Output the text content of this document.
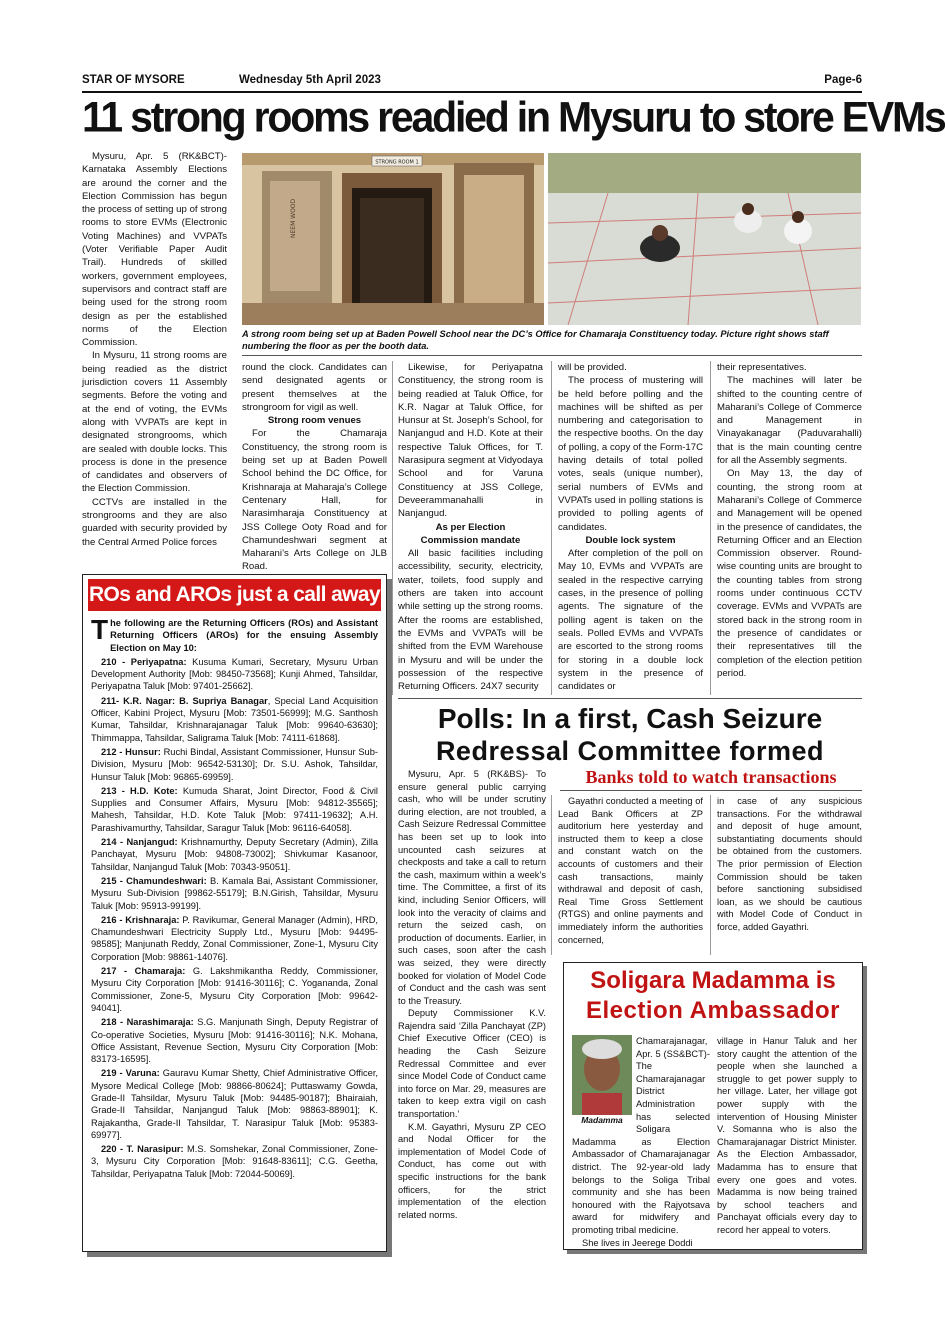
STAR OF MYSORE	Wednesday 5th April 2023	Page-6
11 strong rooms readied in Mysuru to store EVMs

Mysuru, Apr. 5 (RK&BCT)- Karnataka Assembly Elections are around the corner and the Election Commission has begun the process of setting up of strong rooms to store EVMs (Electronic Voting Machines) and VVPATs (Voter Verifiable Paper Audit Trail). Hundreds of skilled workers, government employees, supervisors and contract staff are being used for the strong room design as per the established norms of the Election Commission.

In Mysuru, 11 strong rooms are being readied as the district jurisdiction covers 11 Assembly segments. Before the voting and at the end of voting, the EVMs along with VVPATs are kept in designated strongrooms, which are sealed with double locks. This process is done in the presence of candidates and observers of the Election Commission.

CCTVs are installed in the strongrooms and they are also guarded with security provided by the Central Armed Police forces

NEEM WOOD
STRONG ROOM 1
A strong room being set up at Baden Powell School near the DC’s Office for Chamaraja Constituency today. Picture right shows staff numbering the floor as per the booth data.

round the clock. Candidates can send designated agents or present themselves at the strongroom for vigil as well.

Strong room venues

For the Chamaraja Constituency, the strong room is being set up at Baden Powell School behind the DC Office, for Krishnaraja at Maharaja’s College Centenary Hall, for Narasimharaja Constituency at JSS College Ooty Road and for Chamundeshwari segment at Maharani’s Arts College on JLB Road.

Likewise, for Periyapatna Constituency, the strong room is being readied at Taluk Office, for K.R. Nagar at Taluk Office, for Hunsur at St. Joseph’s School, for Nanjangud and H.D. Kote at their respective Taluk Offices, for T. Narasipura segment at Vidyodaya School and for Varuna Constituency at JSS College, Deveerammanahalli in Nanjangud.

As per Election

Commission mandate

All basic facilities including accessibility, security, electricity, water, toilets, food supply and others are taken into account while setting up the strong rooms. After the rooms are established, the EVMs and VVPATs will be shifted from the EVM Warehouse in Mysuru and will be under the possession of the respective Returning Officers. 24X7 security

will be provided.

The process of mustering will be held before polling and the machines will be shifted as per numbering and categorisation to the respective booths. On the day of polling, a copy of the Form-17C having details of total polled votes, seals (unique number), serial numbers of EVMs and VVPATs used in polling stations is provided to polling agents of candidates.

Double lock system

After completion of the poll on May 10, EVMs and VVPATs are sealed in the respective carrying cases, in the presence of polling agents. The signature of the polling agent is taken on the seals. Polled EVMs and VVPATs are escorted to the strong rooms for storing in a double lock system in the presence of candidates or

their representatives.

The machines will later be shifted to the counting centre of Maharani’s College of Commerce and Management in Vinayakanagar (Paduvarahalli) that is the main counting centre for all the Assembly segments.

On May 13, the day of counting, the strong room at Maharani’s College of Commerce and Management will be opened in the presence of candidates, the Returning Officer and an Election Commission observer. Round-wise counting units are brought to the counting tables from strong rooms under continuous CCTV coverage. EVMs and VVPATs are stored back in the strong room in the presence of candidates or their representatives till the completion of the election petition period.

ROs and AROs just a call away

The following are the Returning Officers (ROs) and Assistant Returning Officers (AROs) for the ensuing Assembly Election on May 10:

210 - Periyapatna: Kusuma Kumari, Secretary, Mysuru Urban Development Authority [Mob: 98450-73568]; Kunji Ahmed, Tahsildar, Periyapatna Taluk [Mob: 97401-25662].

211- K.R. Nagar: B. Supriya Banagar, Special Land Acquisition Officer, Kabini Project, Mysuru [Mob: 73501-56999]; M.G. Santhosh Kumar, Tahsildar, Krishnarajanagar Taluk [Mob: 99640-63630]; Thimmappa, Tahsildar, Saligrama Taluk [Mob: 74111-61868].

212 - Hunsur: Ruchi Bindal, Assistant Commissioner, Hunsur Sub-Division, Mysuru [Mob: 96542-53130]; Dr. S.U. Ashok, Tahsildar, Hunsur Taluk [Mob: 96865-69959].

213 - H.D. Kote: Kumuda Sharat, Joint Director, Food & Civil Supplies and Consumer Affairs, Mysuru [Mob: 94812-35565]; Mahesh, Tahsildar, H.D. Kote Taluk [Mob: 97411-19632]; A.H. Parashivamurthy, Tahsildar, Saragur Taluk [Mob: 96116-64058].

214 - Nanjangud: Krishnamurthy, Deputy Secretary (Admin), Zilla Panchayat, Mysuru [Mob: 94808-73002]; Shivkumar Kasanoor, Tahsildar, Nanjangud Taluk [Mob: 70343-95051].

215 - Chamundeshwari: B. Kamala Bai, Assistant Commissioner, Mysuru Sub-Division [99862-55179]; B.N.Girish, Tahsildar, Mysuru Taluk [Mob: 95913-99199].

216 - Krishnaraja: P. Ravikumar, General Manager (Admin), HRD, Chamundeshwari Electricity Supply Ltd., Mysuru [Mob: 94495-98585]; Manjunath Reddy, Zonal Commissioner, Zone-1, Mysuru City Corporation [Mob: 98861-14076].

217 - Chamaraja: G. Lakshmikantha Reddy, Commissioner, Mysuru City Corporation [Mob: 91416-30116]; C. Yogananda, Zonal Commissioner, Zone-5, Mysuru City Corporation [Mob: 99642-94041].

218 - Narashimaraja: S.G. Manjunath Singh, Deputy Registrar of Co-operative Societies, Mysuru [Mob: 91416-30116]; N.K. Mohana, Office Assistant, Revenue Section, Mysuru City Corporation [Mob: 83173-16595].

219 - Varuna: Gauravu Kumar Shetty, Chief Administrative Officer, Mysore Medical College [Mob: 98866-80624]; Puttaswamy Gowda, Grade-II Tahsildar, Mysuru Taluk [Mob: 94485-90187]; Bhairaiah, Grade-II Tahsildar, Nanjangud Taluk [Mob: 98863-88901]; K. Rajakantha, Grade-II Tahsildar, T. Narasipur Taluk [Mob: 95383-69977].

220 - T. Narasipur: M.S. Somshekar, Zonal Commissioner, Zone-3, Mysuru City Corporation [Mob: 91648-83611]; C.G. Geetha, Tahsildar, Periyapatna Taluk [Mob: 72044-50069].

Polls: In a first, Cash Seizure
Redressal Committee formed
Banks told to watch transactions

Mysuru, Apr. 5 (RK&BS)- To ensure general public carrying cash, who will be under scrutiny during election, are not troubled, a Cash Seizure Redressal Committee has been set up to look into uncounted cash seizures at checkposts and take a call to return the cash, maximum within a week’s time. The Committee, a first of its kind, including Senior Officers, will look into the veracity of claims and return the seized cash, on production of documents. Earlier, in such cases, soon after the cash was seized, they were directly booked for violation of Model Code of Conduct and the cash was sent to the Treasury.

Deputy Commissioner K.V. Rajendra said ‘Zilla Panchayat (ZP) Chief Executive Officer (CEO) is heading the Cash Seizure Redressal Committee and ever since Model Code of Conduct came into force on Mar. 29, measures are taken to keep extra vigil on cash transportation.’

K.M. Gayathri, Mysuru ZP CEO and Nodal Officer for the implementation of Model Code of Conduct, has come out with specific instructions for the bank officers, for the strict implementation of the election related norms.

Gayathri conducted a meeting of Lead Bank Officers at ZP auditorium here yesterday and instructed them to keep a close and constant watch on the accounts of customers and their cash transactions, mainly withdrawal and deposit of cash, Real Time Gross Settlement (RTGS) and online payments and immediately inform the authorities concerned,

in case of any suspicious transactions. For the withdrawal and deposit of huge amount, substantiating documents should be obtained from the customers. The prior permission of Election Commission should be taken before sanctioning subsidised loan, as we should be cautious with Model Code of Conduct in force, added Gayathri.

Soligara Madamma is
Election Ambassador
Madamma
Chamarajanagar, Apr. 5 (SS&BCT)- The Chamarajanagar District Administration has selected Soligara Madamma as Election Ambassador of Chamarajanagar district. The 92-year-old lady belongs to the Soliga Tribal community and she has been honoured with the Rajyotsava award for midwifery and promoting tribal medicine.
She lives in Jeerege Doddi
village in Hanur Taluk and her story caught the attention of the people when she launched a struggle to get power supply to her village. Later, her village got power supply with the intervention of Housing Minister V. Somanna who is also the Chamarajanagar District Minister. As the Election Ambassador, Madamma has to ensure that every one goes and votes. Madamma is now being trained by school teachers and Panchayat officials every day to record her appeal to voters.
